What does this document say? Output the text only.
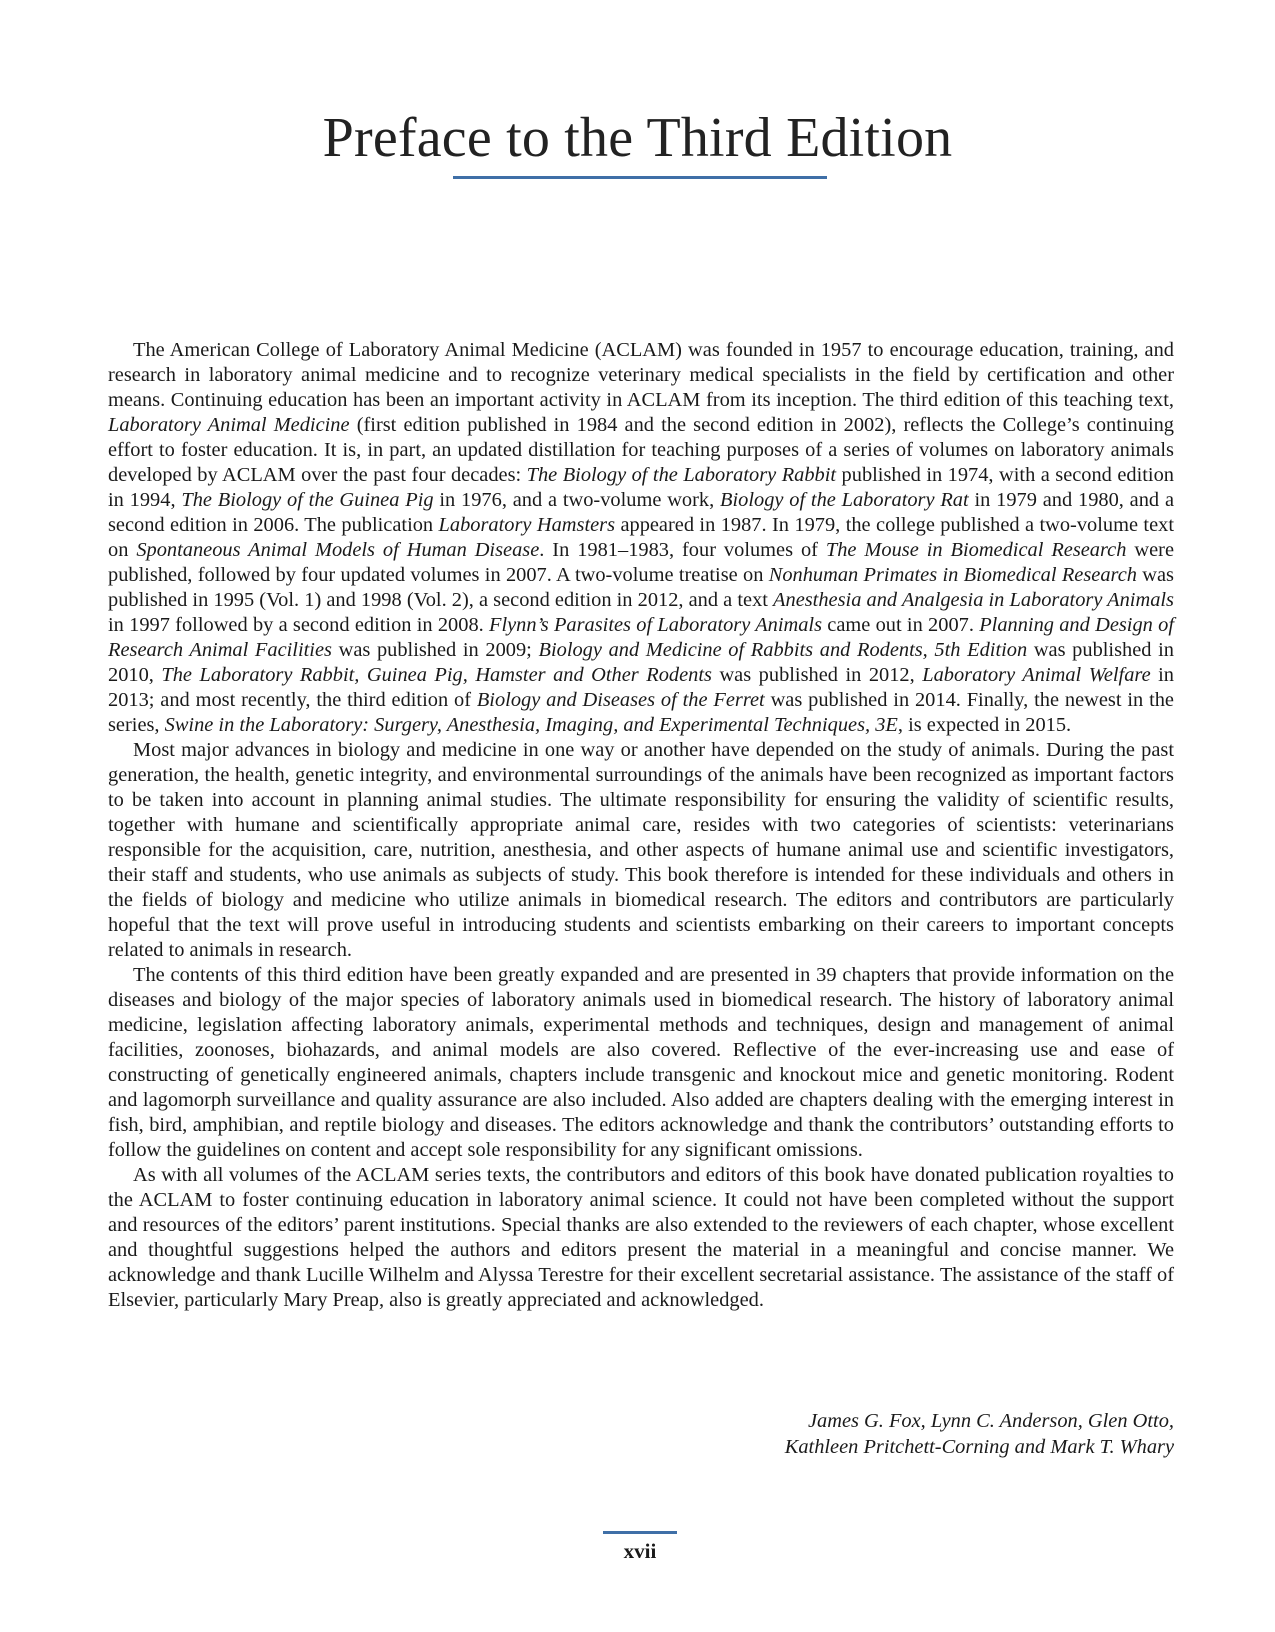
Preface to the Third Edition

The American College of Laboratory Animal Medicine (ACLAM) was founded in 1957 to encourage education, training, and research in laboratory animal medicine and to recognize veterinary medical specialists in the field by certification and other means. Continuing education has been an important activity in ACLAM from its inception. The third edition of this teaching text, Laboratory Animal Medicine (first edition published in 1984 and the second edition in 2002), reflects the College’s continuing effort to foster education. It is, in part, an updated distillation for teaching purposes of a series of volumes on laboratory animals developed by ACLAM over the past four decades: The Biology of the Laboratory Rabbit published in 1974, with a second edition in 1994, The Biology of the Guinea Pig in 1976, and a two-volume work, Biology of the Laboratory Rat in 1979 and 1980, and a second edition in 2006. The publication Laboratory Hamsters appeared in 1987. In 1979, the college published a two-volume text on Spontaneous Animal Models of Human Disease. In 1981–1983, four volumes of The Mouse in Biomedical Research were published, followed by four updated volumes in 2007. A two-volume treatise on Nonhuman Primates in Biomedical Research was published in 1995 (Vol. 1) and 1998 (Vol. 2), a second edition in 2012, and a text Anesthesia and Analgesia in Laboratory Animals in 1997 followed by a second edition in 2008. Flynn’s Parasites of Laboratory Animals came out in 2007. Planning and Design of Research Animal Facilities was published in 2009; Biology and Medicine of Rabbits and Rodents, 5th Edition was published in 2010, The Laboratory Rabbit, Guinea Pig, Hamster and Other Rodents was published in 2012, Laboratory Animal Welfare in 2013; and most recently, the third edition of Biology and Diseases of the Ferret was published in 2014. Finally, the newest in the series, Swine in the Laboratory: Surgery, Anesthesia, Imaging, and Experimental Techniques, 3E, is expected in 2015.

Most major advances in biology and medicine in one way or another have depended on the study of animals. During the past generation, the health, genetic integrity, and environmental surroundings of the animals have been recognized as important factors to be taken into account in planning animal studies. The ultimate responsibility for ensuring the validity of scientific results, together with humane and scientifically appropriate animal care, resides with two categories of scientists: veterinarians responsible for the acquisition, care, nutrition, anesthesia, and other aspects of humane animal use and scientific investigators, their staff and students, who use animals as subjects of study. This book therefore is intended for these individuals and others in the fields of biology and medicine who utilize animals in biomedical research. The editors and contributors are particularly hopeful that the text will prove useful in introducing students and scientists embarking on their careers to important concepts related to animals in research.

The contents of this third edition have been greatly expanded and are presented in 39 chapters that provide information on the diseases and biology of the major species of laboratory animals used in biomedical research. The history of laboratory animal medicine, legislation affecting laboratory animals, experimental methods and techniques, design and management of animal facilities, zoonoses, biohazards, and animal models are also covered. Reflective of the ever-increasing use and ease of constructing of genetically engineered animals, chapters include transgenic and knockout mice and genetic monitoring. Rodent and lagomorph surveillance and quality assurance are also included. Also added are chapters dealing with the emerging interest in fish, bird, amphibian, and reptile biology and diseases. The editors acknowledge and thank the contributors’ outstanding efforts to follow the guidelines on content and accept sole responsibility for any significant omissions.

As with all volumes of the ACLAM series texts, the contributors and editors of this book have donated publication royalties to the ACLAM to foster continuing education in laboratory animal science. It could not have been completed without the support and resources of the editors’ parent institutions. Special thanks are also extended to the reviewers of each chapter, whose excellent and thoughtful suggestions helped the authors and editors present the material in a meaningful and concise manner. We acknowledge and thank Lucille Wilhelm and Alyssa Terestre for their excellent secretarial assistance. The assistance of the staff of Elsevier, particularly Mary Preap, also is greatly appreciated and acknowledged.

James G. Fox, Lynn C. Anderson, Glen Otto,
Kathleen Pritchett-Corning and Mark T. Whary
xvii
